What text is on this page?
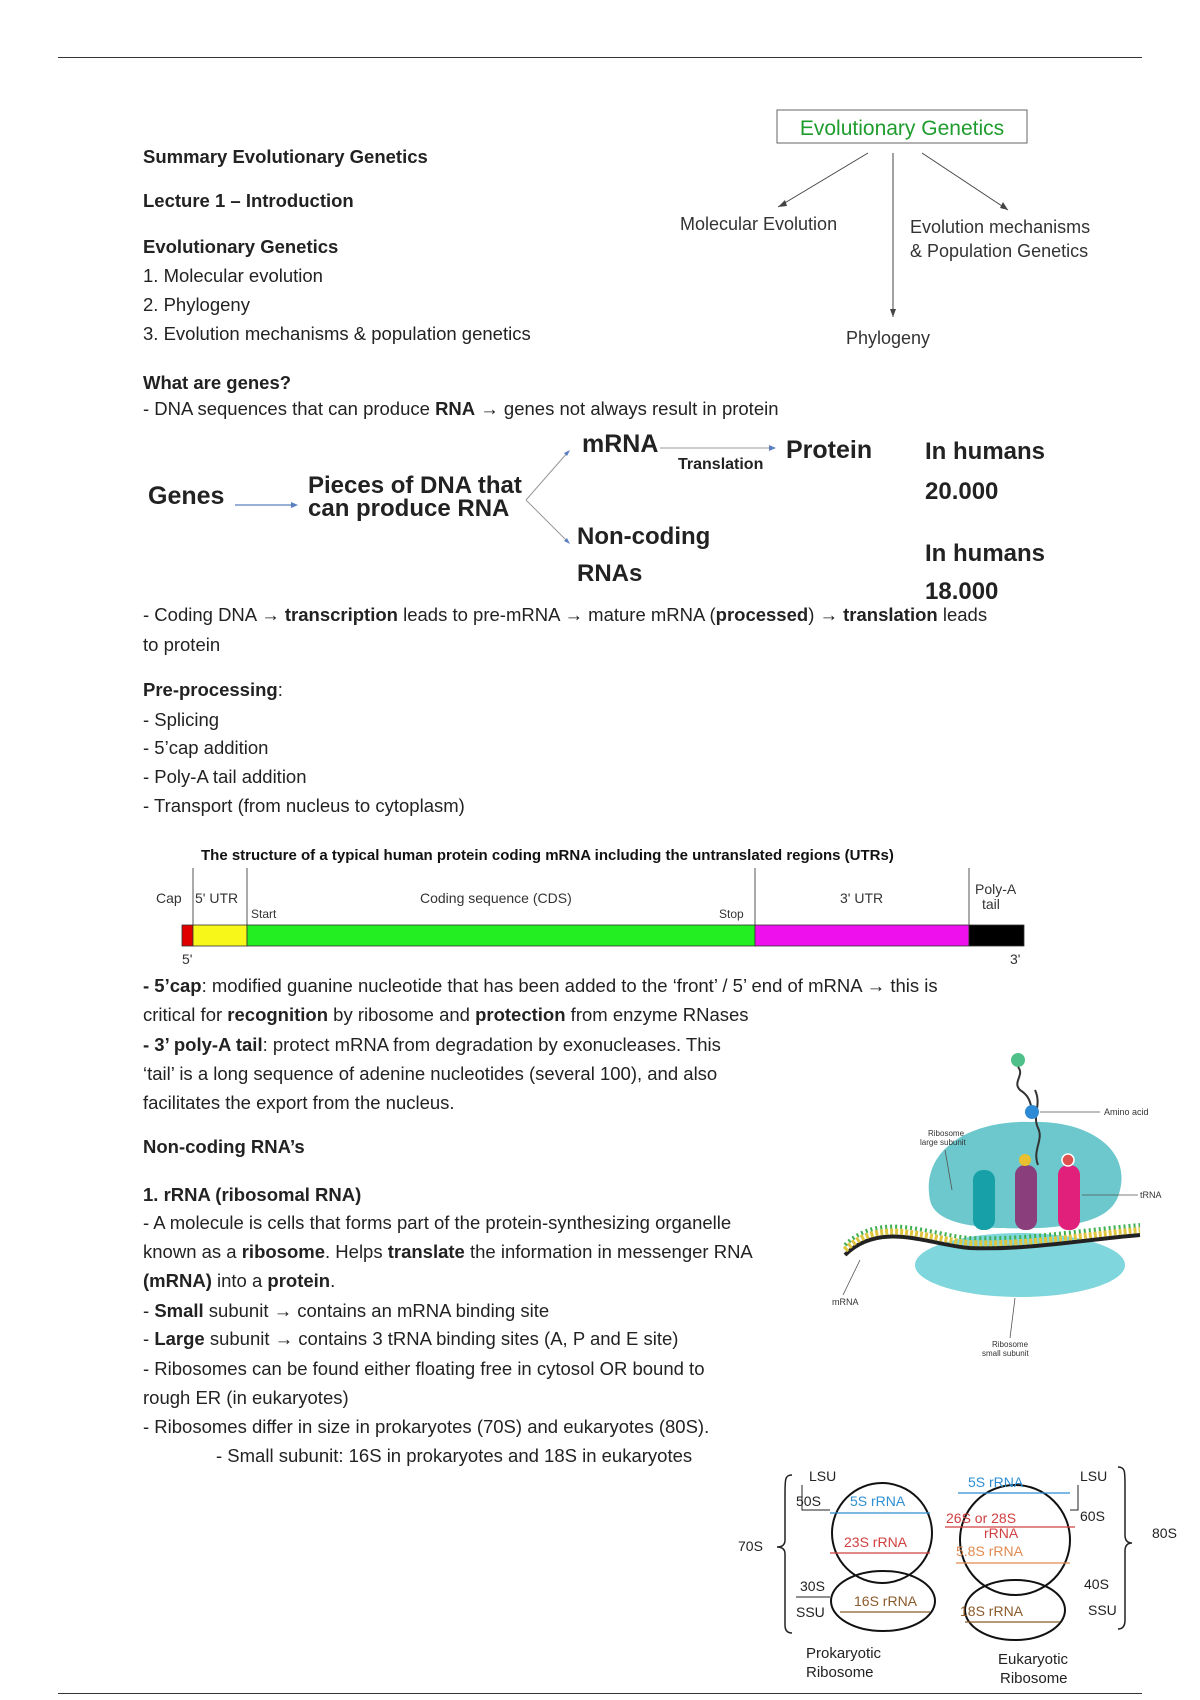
Summary Evolutionary Genetics
Lecture 1 – Introduction
Evolutionary Genetics
1. Molecular evolution
2. Phylogeny
3. Evolution mechanisms & population genetics
Evolutionary Genetics
Molecular Evolution	Evolution mechanisms
& Population Genetics
Phylogeny
What are genes?
- DNA sequences that can produce RNA → genes not always result in protein
Genes	Pieces of DNA that
can produce RNA
mRNA
Translation
Protein
Non-coding
RNAs
In humans
20.000
In humans
18.000
- Coding DNA → transcription leads to pre-mRNA → mature mRNA (processed) → translation leads
to protein
Pre-processing:
- Splicing
- 5’cap addition
- Poly-A tail addition
- Transport (from nucleus to cytoplasm)
The structure of a typical human protein coding mRNA including the untranslated regions (UTRs)
Cap 5' UTR
Start
Coding sequence (CDS)
Stop
3' UTR
Poly-A
tail
5'	3'
- 5’cap: modified guanine nucleotide that has been added to the ‘front’ / 5’ end of mRNA → this is
critical for recognition by ribosome and protection from enzyme RNases
- 3’ poly-A tail: protect mRNA from degradation by exonucleases. This
‘tail’ is a long sequence of adenine nucleotides (several 100), and also
facilitates the export from the nucleus.
Non-coding RNA’s
1. rRNA (ribosomal RNA)
- A molecule is cells that forms part of the protein-synthesizing organelle
known as a ribosome. Helps translate the information in messenger RNA
(mRNA) into a protein.
- Small subunit → contains an mRNA binding site
- Large subunit → contains 3 tRNA binding sites (A, P and E site)
- Ribosomes can be found either floating free in cytosol OR bound to
rough ER (in eukaryotes)
- Ribosomes differ in size in prokaryotes (70S) and eukaryotes (80S).
- Small subunit: 16S in prokaryotes and 18S in eukaryotes
Amino acid
Ribosome
large subunit
tRNA
mRNA
Ribosome
small subunit
70S
LSU
50S 5S rRNA
23S rRNA
30S
SSU
16S rRNA
Prokaryotic
Ribosome
5S rRNA
26S or 28S
rRNA
5.8S rRNA
LSU
60S
80S
18S rRNA
40S
SSU
Eukaryotic
Ribosome
